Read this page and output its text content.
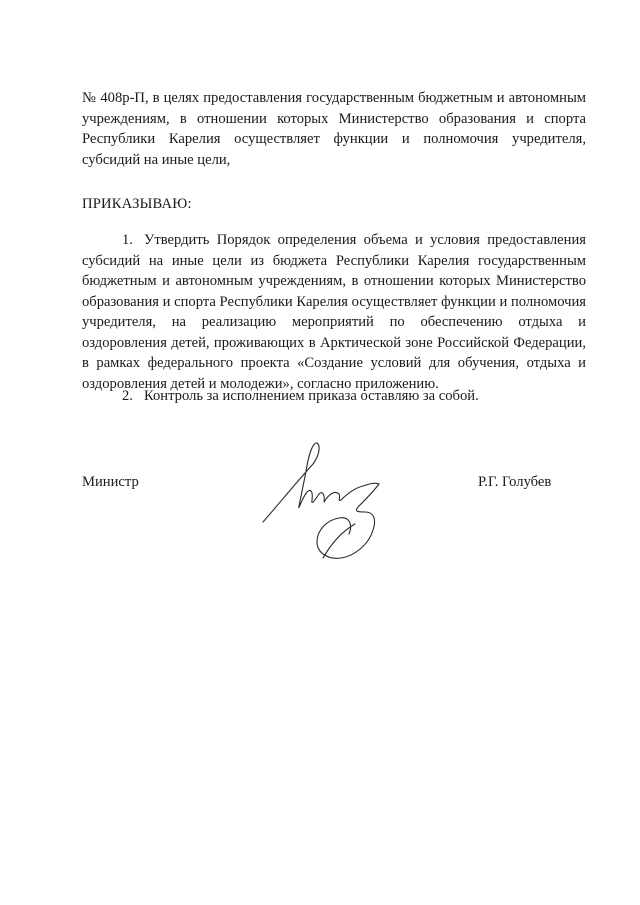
№ 408р-П, в целях предоставления государственным бюджетным и автономным учреждениям, в отношении которых Министерство образования и спорта Республики Карелия осуществляет функции и полномочия учредителя, субсидий на иные цели,

ПРИКАЗЫВАЮ:

1. Утвердить Порядок определения объема и условия предоставления субсидий на иные цели из бюджета Республики Карелия государственным бюджетным и автономным учреждениям, в отношении которых Министерство образования и спорта Республики Карелия осуществляет функции и полномочия учредителя, на реализацию мероприятий по обеспечению отдыха и оздоровления детей, проживающих в Арктической зоне Российской Федерации, в рамках федерального проекта «Создание условий для обучения, отдыха и оздоровления детей и молодежи», согласно приложению.

2. Контроль за исполнением приказа оставляю за собой.

Министр	Р.Г. Голубев
